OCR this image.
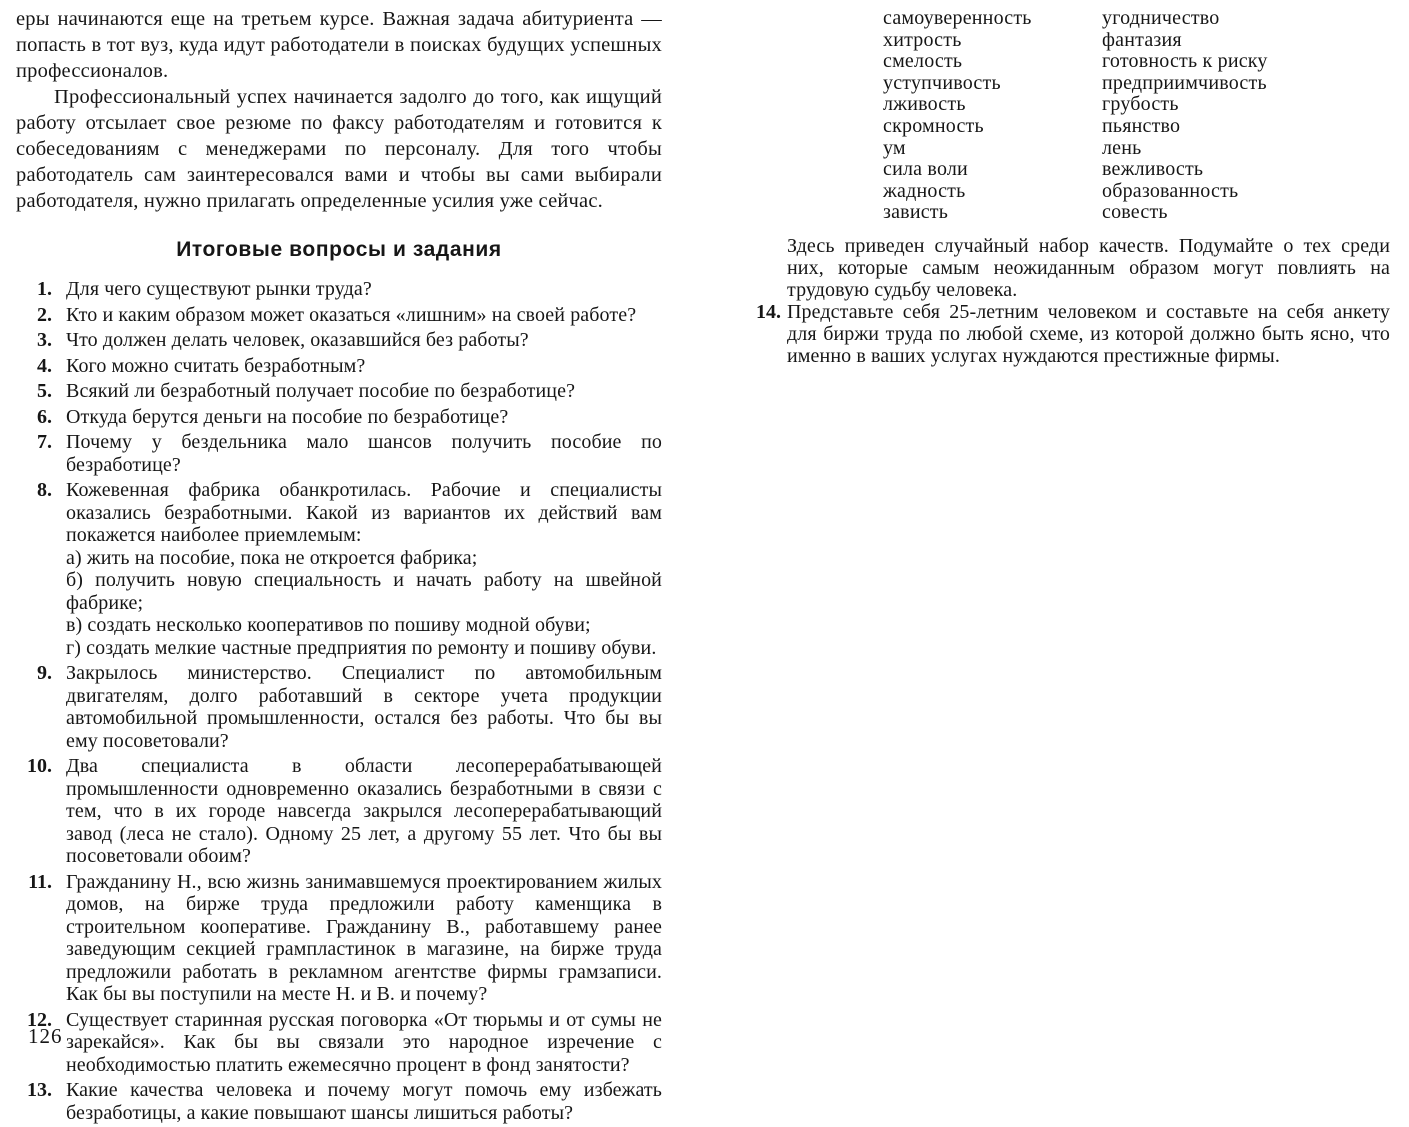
еры начинаются еще на третьем курсе. Важная задача абитуриента — попасть в тот вуз, куда идут работодатели в поисках будущих успешных профессионалов.

Профессиональный успех начинается задолго до того, как ищущий работу отсылает свое резюме по факсу работодателям и готовится к собеседованиям с менеджерами по персоналу. Для того чтобы работодатель сам заинтересовался вами и чтобы вы сами выбирали работодателя, нужно прилагать определенные усилия уже сейчас.

Итоговые вопросы и задания
1. Для чего существуют рынки труда?
2. Кто и каким образом может оказаться «лишним» на своей работе?
3. Что должен делать человек, оказавшийся без работы?
4. Кого можно считать безработным?
5. Всякий ли безработный получает пособие по безработице?
6. Откуда берутся деньги на пособие по безработице?
7. Почему у бездельника мало шансов получить пособие по безработице?
8. Кожевенная фабрика обанкротилась. Рабочие и специалисты оказались безработными. Какой из вариантов их действий вам покажется наиболее приемлемым:
а) жить на пособие, пока не откроется фабрика;
б) получить новую специальность и начать работу на швейной фабрике;
в) создать несколько кооперативов по пошиву модной обуви;
г) создать мелкие частные предприятия по ремонту и пошиву обуви.
9. Закрылось министерство. Специалист по автомобильным двигателям, долго работавший в секторе учета продукции автомобильной промышленности, остался без работы. Что бы вы ему посоветовали?
10. Два специалиста в области лесоперерабатывающей промышленности одновременно оказались безработными в связи с тем, что в их городе навсегда закрылся лесоперерабатывающий завод (леса не стало). Одному 25 лет, а другому 55 лет. Что бы вы посоветовали обоим?
11. Гражданину Н., всю жизнь занимавшемуся проектированием жилых домов, на бирже труда предложили работу каменщика в строительном кооперативе. Гражданину В., работавшему ранее заведующим секцией грампластинок в магазине, на бирже труда предложили работать в рекламном агентстве фирмы грамзаписи. Как бы вы поступили на месте Н. и В. и почему?
12. Существует старинная русская поговорка «От тюрьмы и от сумы не зарекайся». Как бы вы связали это народное изречение с необходимостью платить ежемесячно процент в фонд занятости?
13. Какие качества человека и почему могут помочь ему избежать безработицы, а какие повышают шансы лишиться работы?
самоуверенность
хитрость
смелость
уступчивость
лживость
скромность
ум
сила воли
жадность
зависть
угодничество
фантазия
готовность к риску
предприимчивость
грубость
пьянство
лень
вежливость
образованность
совесть

Здесь приведен случайный набор качеств. Подумайте о тех среди них, которые самым неожиданным образом могут повлиять на трудовую судьбу человека.

14. Представьте себя 25-летним человеком и составьте на себя анкету для биржи труда по любой схеме, из которой должно быть ясно, что именно в ваших услугах нуждаются престижные фирмы.
126
